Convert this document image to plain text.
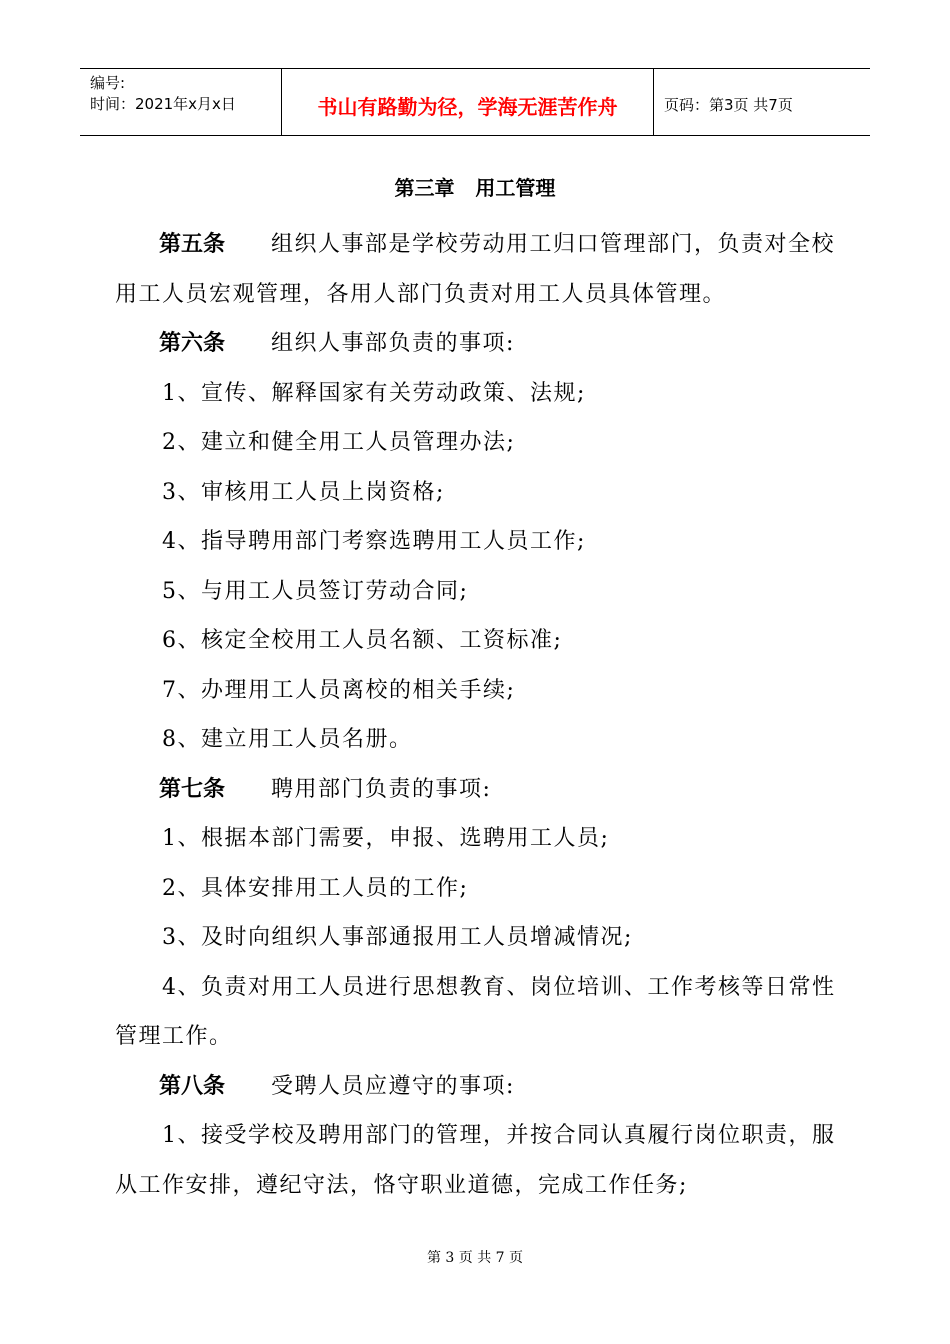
编号:
时间：2021年x月x日	书山有路勤为径，学海无涯苦作舟	页码：第3页 共7页
第三章   用工管理

第五条 组织人事部是学校劳动用工归口管理部门，负责对全校用工人员宏观管理，各用人部门负责对用工人员具体管理。

第六条 组织人事部负责的事项:

1、宣传、解释国家有关劳动政策、法规;

2、建立和健全用工人员管理办法;

3、审核用工人员上岗资格;

4、指导聘用部门考察选聘用工人员工作;

5、与用工人员签订劳动合同;

6、核定全校用工人员名额、工资标准;

7、办理用工人员离校的相关手续;

8、建立用工人员名册。

第七条 聘用部门负责的事项:

1、根据本部门需要，申报、选聘用工人员;

2、具体安排用工人员的工作;

3、及时向组织人事部通报用工人员增减情况;

4、负责对用工人员进行思想教育、岗位培训、工作考核等日常性管理工作。

第八条 受聘人员应遵守的事项:

1、接受学校及聘用部门的管理，并按合同认真履行岗位职责，服从工作安排，遵纪守法，恪守职业道德，完成工作任务;

第 3 页 共 7 页
